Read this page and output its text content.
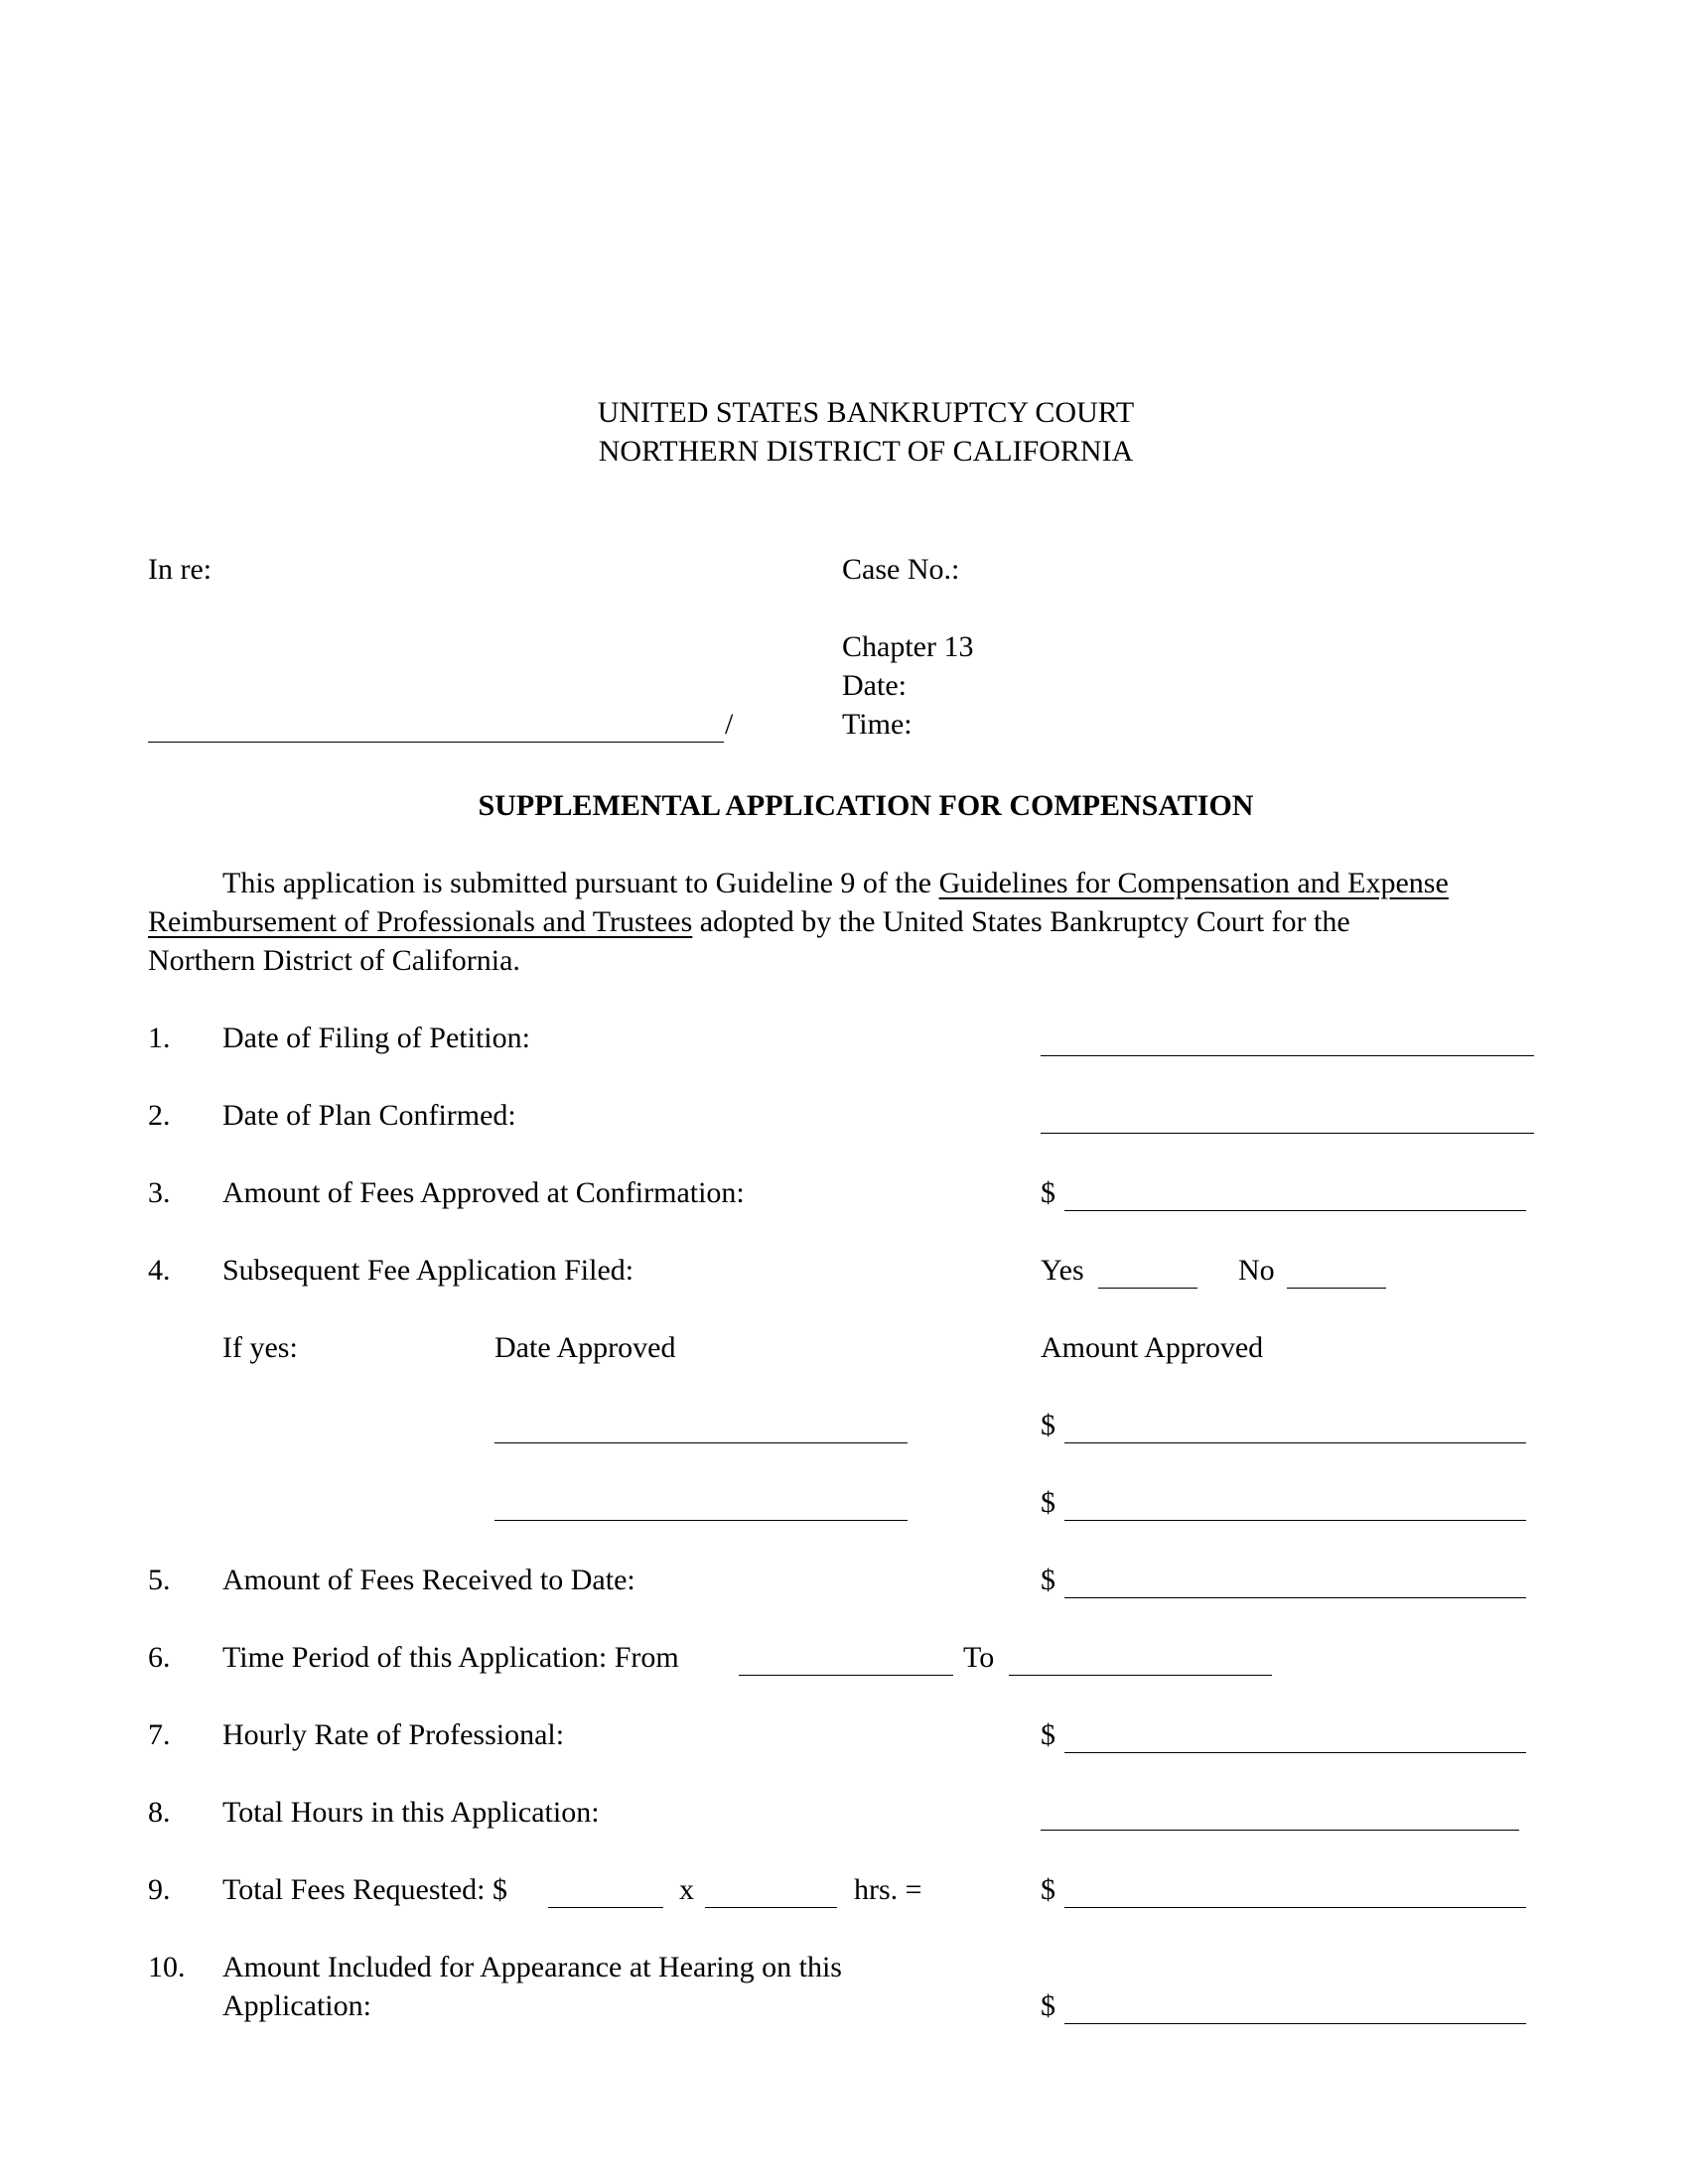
UNITED STATES BANKRUPTCY COURT
NORTHERN DISTRICT OF CALIFORNIA
In re:	Case No.:
Chapter 13
Date:
Time:
/
SUPPLEMENTAL APPLICATION FOR COMPENSATION
This application is submitted pursuant to Guideline 9 of the Guidelines for Compensation and Expense
Reimbursement of Professionals and Trustees adopted by the United States Bankruptcy Court for the
Northern District of California.
1. Date of Filing of Petition:
2. Date of Plan Confirmed:
3. Amount of Fees Approved at Confirmation:	$
4. Subsequent Fee Application Filed:	Yes	No
If yes:	Date Approved	Amount Approved
$
$
5. Amount of Fees Received to Date:	$
6. Time Period of this Application: From	To
7. Hourly Rate of Professional:	$
8. Total Hours in this Application:
9. Total Fees Requested: $	x	hrs. =	$
10. Amount Included for Appearance at Hearing on this
Application:	$
